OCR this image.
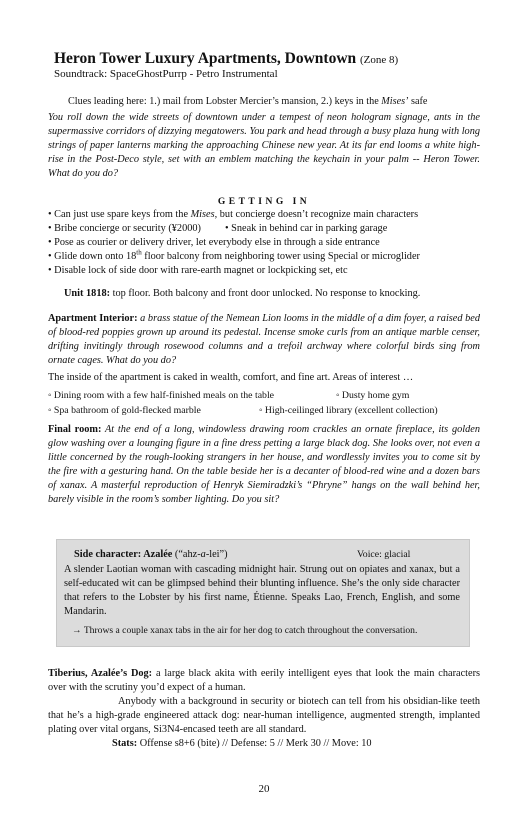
Heron Tower Luxury Apartments, Downtown (Zone 8)
Soundtrack: SpaceGhostPurrp - Petro Instrumental
Clues leading here: 1.) mail from Lobster Mercier’s mansion, 2.) keys in the Mises’ safe
You roll down the wide streets of downtown under a tempest of neon hologram signage, ants in the supermassive corridors of dizzying megatowers. You park and head through a busy plaza hung with long strings of paper lanterns marking the approaching Chinese new year. At its far end looms a white high-rise in the Post-Deco style, set with an emblem matching the keychain in your palm -- Heron Tower. What do you do?
GETTING IN
• Can just use spare keys from the Mises, but concierge doesn’t recognize main characters
• Bribe concierge or security (¥2000) • Sneak in behind car in parking garage
• Pose as courier or delivery driver, let everybody else in through a side entrance
• Glide down onto 18th floor balcony from neighboring tower using Special or microglider
• Disable lock of side door with rare-earth magnet or lockpicking set, etc
Unit 1818: top floor. Both balcony and front door unlocked. No response to knocking.
Apartment Interior: a brass statue of the Nemean Lion looms in the middle of a dim foyer, a raised bed of blood-red poppies grown up around its pedestal. Incense smoke curls from an antique marble censer, drifting invitingly through rosewood columns and a trefoil archway where colorful birds sing from ornate cages. What do you do?
The inside of the apartment is caked in wealth, comfort, and fine art. Areas of interest …
◦ Dining room with a few half-finished meals on the table	◦ Dusty home gym
◦ Spa bathroom of gold-flecked marble	◦ High-ceilinged library (excellent collection)
Final room: At the end of a long, windowless drawing room crackles an ornate fireplace, its golden glow washing over a lounging figure in a fine dress petting a large black dog. She looks over, not even a little concerned by the rough-looking strangers in her house, and wordlessly invites you to come sit by the fire with a gesturing hand. On the table beside her is a decanter of blood-red wine and a dozen bars of xanax. A masterful reproduction of Henryk Siemiradzki’s “Phryne” hangs on the wall behind her, barely visible in the room’s somber lighting. Do you sit?
Side character: Azalée (“ahz-a-lei”)	Voice: glacial
A slender Laotian woman with cascading midnight hair. Strung out on opiates and xanax, but a self-educated wit can be glimpsed behind their blunting influence. She’s the only side character that refers to the Lobster by his first name, Étienne. Speaks Lao, French, English, and some Mandarin.
→ Throws a couple xanax tabs in the air for her dog to catch throughout the conversation.
Tiberius, Azalée’s Dog: a large black akita with eerily intelligent eyes that look the main characters over with the scrutiny you’d expect of a human.
Anybody with a background in security or biotech can tell from his obsidian-like teeth that he’s a high-grade engineered attack dog: near-human intelligence, augmented strength, implanted plating over vital organs, Si3N4-encased teeth are all standard.
Stats: Offense s8+6 (bite) // Defense: 5 // Merk 30 // Move: 10
20
